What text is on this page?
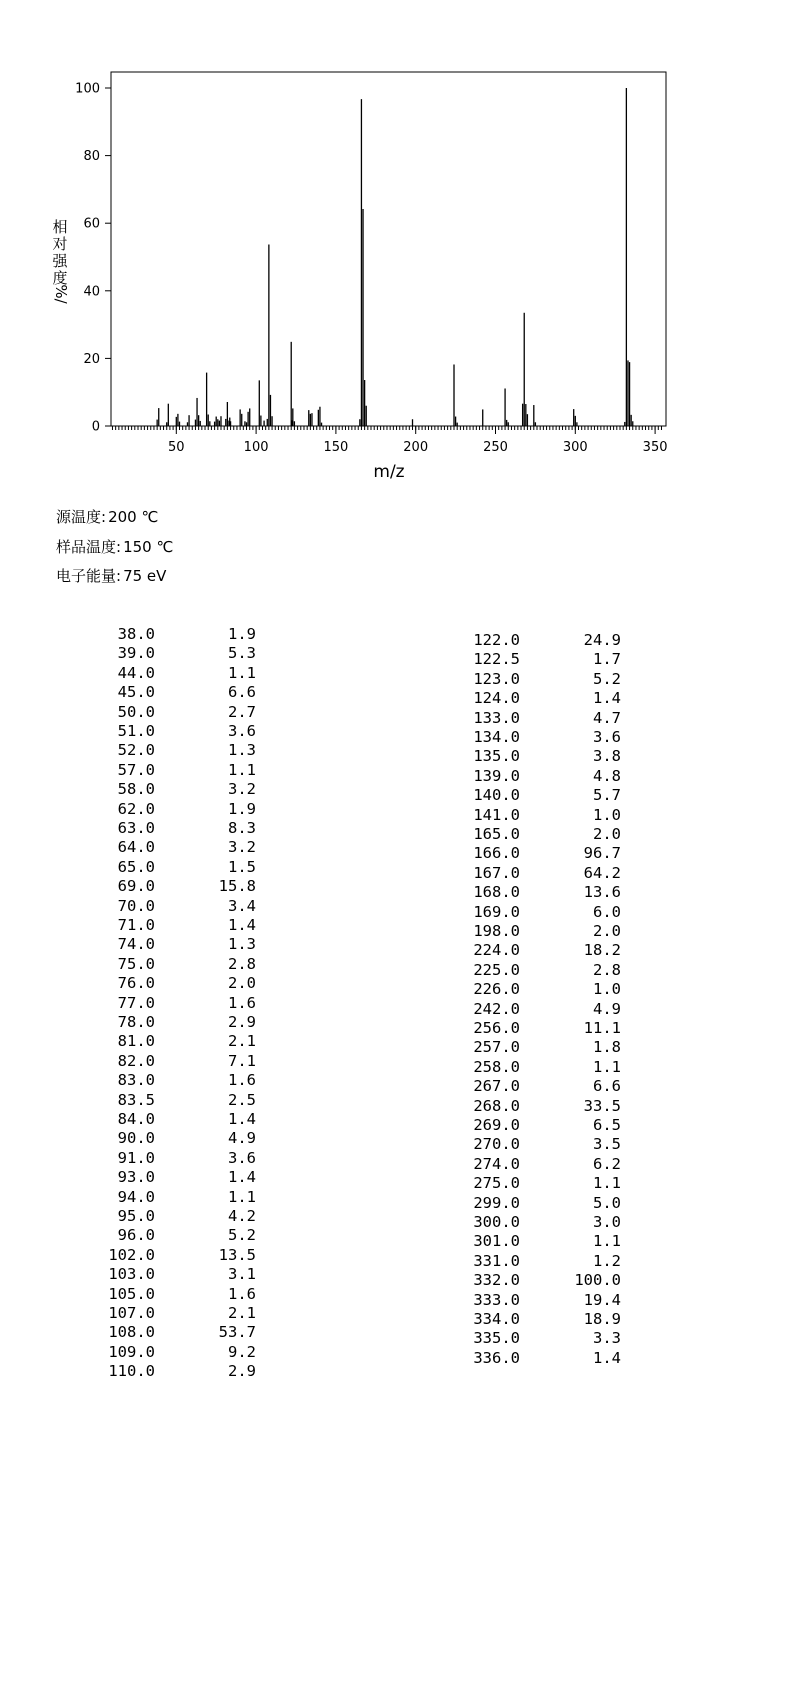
50	100	150	200	250	300	350
0
20
40
60
80
100
m/z
相
对
强
度
%/
源温度: 200 ℃
样品温度: 150 ℃
电子能量: 75 eV
38.0	1.9
39.0	5.3
44.0	1.1
45.0	6.6
50.0	2.7
51.0	3.6
52.0	1.3
57.0	1.1
58.0	3.2
62.0	1.9
63.0	8.3
64.0	3.2
65.0	1.5
69.0	15.8
70.0	3.4
71.0	1.4
74.0	1.3
75.0	2.8
76.0	2.0
77.0	1.6
78.0	2.9
81.0	2.1
82.0	7.1
83.0	1.6
83.5	2.5
84.0	1.4
90.0	4.9
91.0	3.6
93.0	1.4
94.0	1.1
95.0	4.2
96.0	5.2
102.0	13.5
103.0	3.1
105.0	1.6
107.0	2.1
108.0	53.7
109.0	9.2
110.0	2.9
122.0	24.9
122.5	1.7
123.0	5.2
124.0	1.4
133.0	4.7
134.0	3.6
135.0	3.8
139.0	4.8
140.0	5.7
141.0	1.0
165.0	2.0
166.0	96.7
167.0	64.2
168.0	13.6
169.0	6.0
198.0	2.0
224.0	18.2
225.0	2.8
226.0	1.0
242.0	4.9
256.0	11.1
257.0	1.8
258.0	1.1
267.0	6.6
268.0	33.5
269.0	6.5
270.0	3.5
274.0	6.2
275.0	1.1
299.0	5.0
300.0	3.0
301.0	1.1
331.0	1.2
332.0	100.0
333.0	19.4
334.0	18.9
335.0	3.3
336.0	1.4
